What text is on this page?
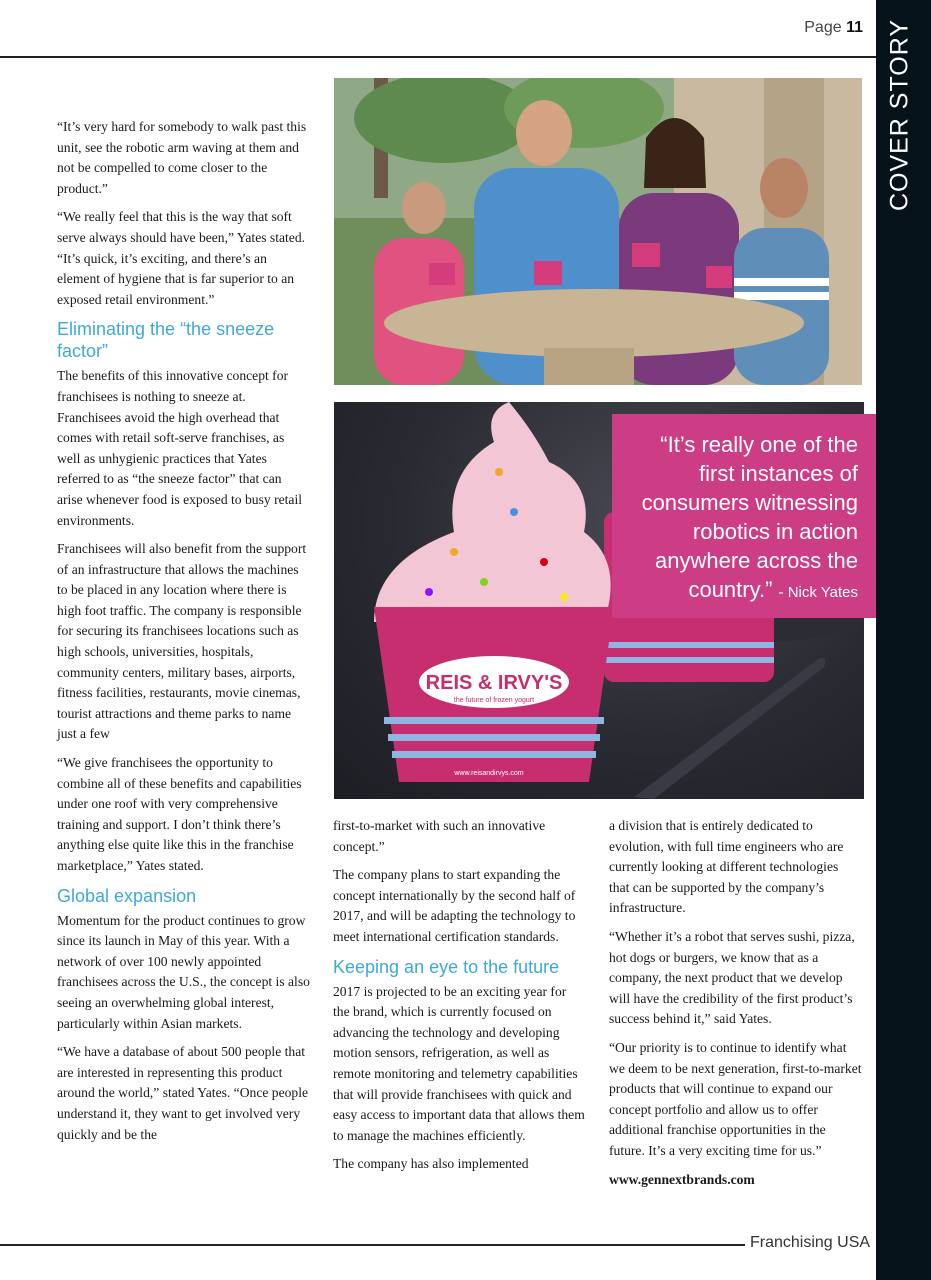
COVER STORY
Page 11

“It’s very hard for somebody to walk past this unit, see the robotic arm waving at them and not be compelled to come closer to the product.”

“We really feel that this is the way that soft serve always should have been,” Yates stated. “It’s quick, it’s exciting, and there’s an element of hygiene that is far superior to an exposed retail environment.”

Eliminating the “the sneeze factor”

The benefits of this innovative concept for franchisees is nothing to sneeze at. Franchisees avoid the high overhead that comes with retail soft-serve franchises, as well as unhygienic practices that Yates referred to as “the sneeze factor” that can arise whenever food is exposed to busy retail environments.

Franchisees will also benefit from the support of an infrastructure that allows the machines to be placed in any location where there is high foot traffic. The company is responsible for securing its franchisees locations such as high schools, universities, hospitals, community centers, military bases, airports, fitness facilities, restaurants, movie cinemas, tourist attractions and theme parks to name just a few

“We give franchisees the opportunity to combine all of these benefits and capabilities under one roof with very comprehensive training and support. I don’t think there’s anything else quite like this in the franchise marketplace,” Yates stated.

Global expansion

Momentum for the product continues to grow since its launch in May of this year. With a network of over 100 newly appointed franchisees across the U.S., the concept is also seeing an overwhelming global interest, particularly within Asian markets.

“We have a database of about 500 people that are interested in representing this product around the world,” stated Yates. “Once people understand it, they want to get involved very quickly and be the

REIS & IRVY'S
the future of frozen yogurt
www.reisandirvys.com
“It’s really one of the first instances of consumers witnessing robotics in action anywhere across the country.” - Nick Yates

first-to-market with such an innovative concept.”

The company plans to start expanding the concept internationally by the second half of 2017, and will be adapting the technology to meet international certification standards.

Keeping an eye to the future

2017 is projected to be an exciting year for the brand, which is currently focused on advancing the technology and developing motion sensors, refrigeration, as well as remote monitoring and telemetry capabilities that will provide franchisees with quick and easy access to important data that allows them to manage the machines efficiently.

The company has also implemented

a division that is entirely dedicated to evolution, with full time engineers who are currently looking at different technologies that can be supported by the company’s infrastructure.

“Whether it’s a robot that serves sushi, pizza, hot dogs or burgers, we know that as a company, the next product that we develop will have the credibility of the first product’s success behind it,” said Yates.

“Our priority is to continue to identify what we deem to be next generation, first-to-market products that will continue to expand our concept portfolio and allow us to offer additional franchise opportunities in the future. It’s a very exciting time for us.”

www.gennextbrands.com

Franchising USA
